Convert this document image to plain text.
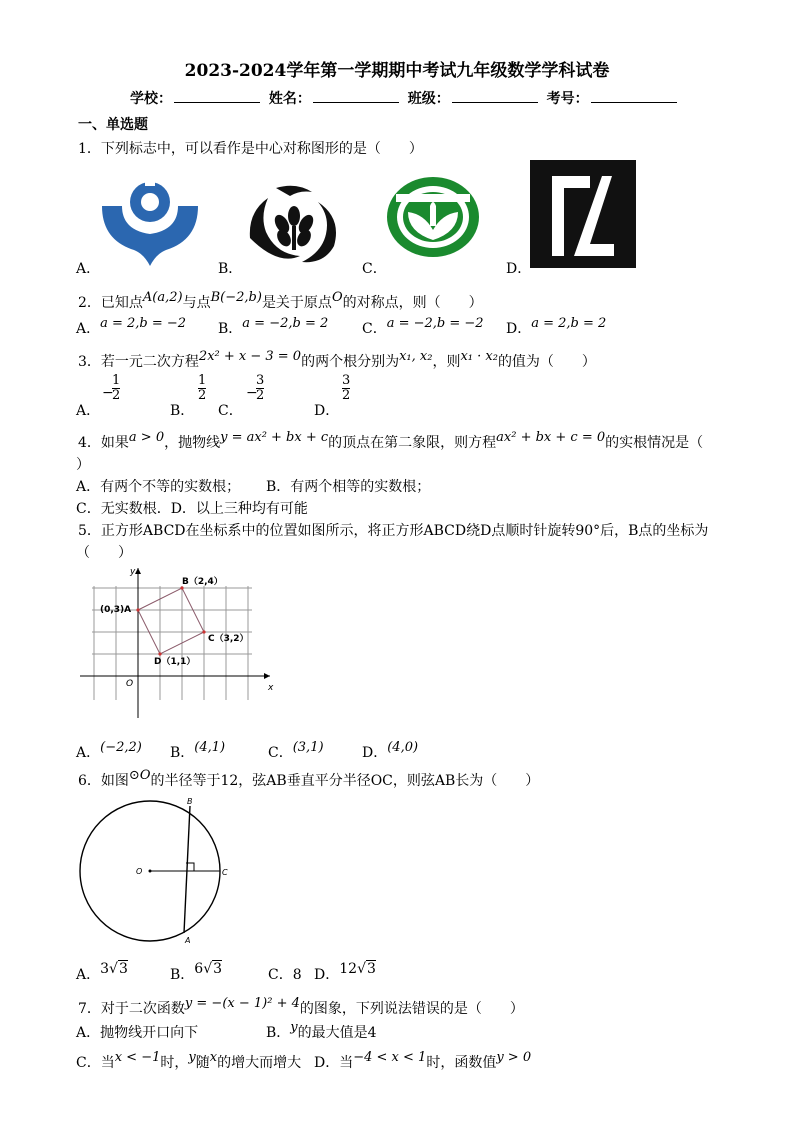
2023-2024学年第一学期期中考试九年级数学学科试卷
学校：	姓名：	班级：	考号：
一、单选题
1．下列标志中，可以看作是中心对称图形的是（　　）
A．	B．	C．	D．
2．已知点A(a,2)与点B(−2,b)是关于原点O的对称点，则（　　）
A．a = 2,b = −2 B．a = −2,b = 2 C．a = −2,b = −2 D．a = 2,b = 2
3．若一元二次方程2x² + x − 3 = 0的两个根分别为x₁, x₂，则x₁ · x₂的值为（　　）
A．
−
$\frac{1}{2}$
B．
$\frac{1}{2}$
C．
−
$\frac{3}{2}$
D．
$\frac{3}{2}$
4．如果a > 0，抛物线y = ax² + bx + c的顶点在第二象限，则方程ax² + bx + c = 0的实根情况是（
）
A．有两个不等的实数根； B．有两个相等的实数根；
C．无实数根．D．以上三种均有可能
5．正方形ABCD在坐标系中的位置如图所示，将正方形ABCD绕D点顺时针旋转90°后，B点的坐标为
（　　）
y
x
O
(0,3)A
B（2,4）
C（3,2）
D（1,1）
A．(−2,2) B．(4,1)	C．(3,1)	D．(4,0)
6．如图⊙O的半径等于12，弦AB垂直平分半径OC，则弦AB长为（　　）
O	C
B
A
A．3√3	B．6√3	C．8 D．12√3
7．对于二次函数y = −(x − 1)² + 4的图象，下列说法错误的是（　　）
A．抛物线开口向下	B．y的最大值是4
C．当x < −1时，y随x的增大而增大 D．当−4 < x < 1时，函数值y > 0
